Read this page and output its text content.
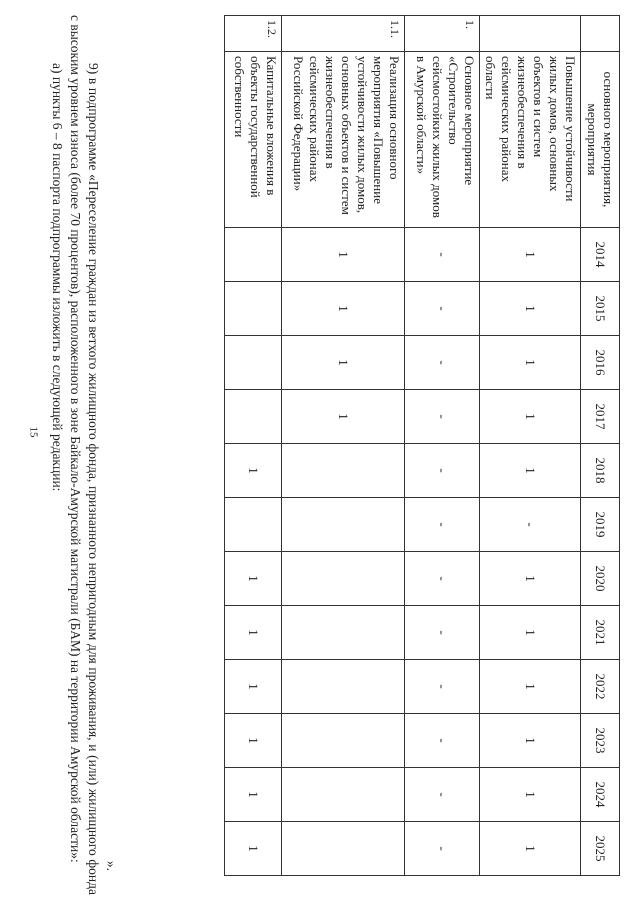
15
	основного мероприятия, мероприятия	2014	2015	2016	2017	2018	2019	2020	2021	2022	2023	2024	2025
	Повышение устойчивости жилых домов, основных объектов и систем жизнеобеспечения в сейсмических районах области	1	1	1	1	1	-	1	1	1	1	1	1
1.	Основное мероприятие «Строительство сейсмостойких жилых домов в Амурской области»	-	-	-	-	-	-	-	-	-	-	-	-
1.1.	Реализация основного мероприятия «Повышение устойчивости жилых домов, основных объектов и систем жизнеобеспечения в сейсмических районах Российской Федерации»	1	1	1	1								
1.2.	Капитальные вложения в объекты государственной собственности					1		1	1	1	1	1	1

».

9) в подпрограмме «Переселение граждан из ветхого жилищного фонда, признанного непригодным для проживания, и (или) жилищного фонда с высоким уровнем износа (более 70 процентов), расположенного в зоне Байкало-Амурской магистрали (БАМ) на территории Амурской области»:

а) пункты 6 – 8 паспорта подпрограммы изложить в следующей редакции:
